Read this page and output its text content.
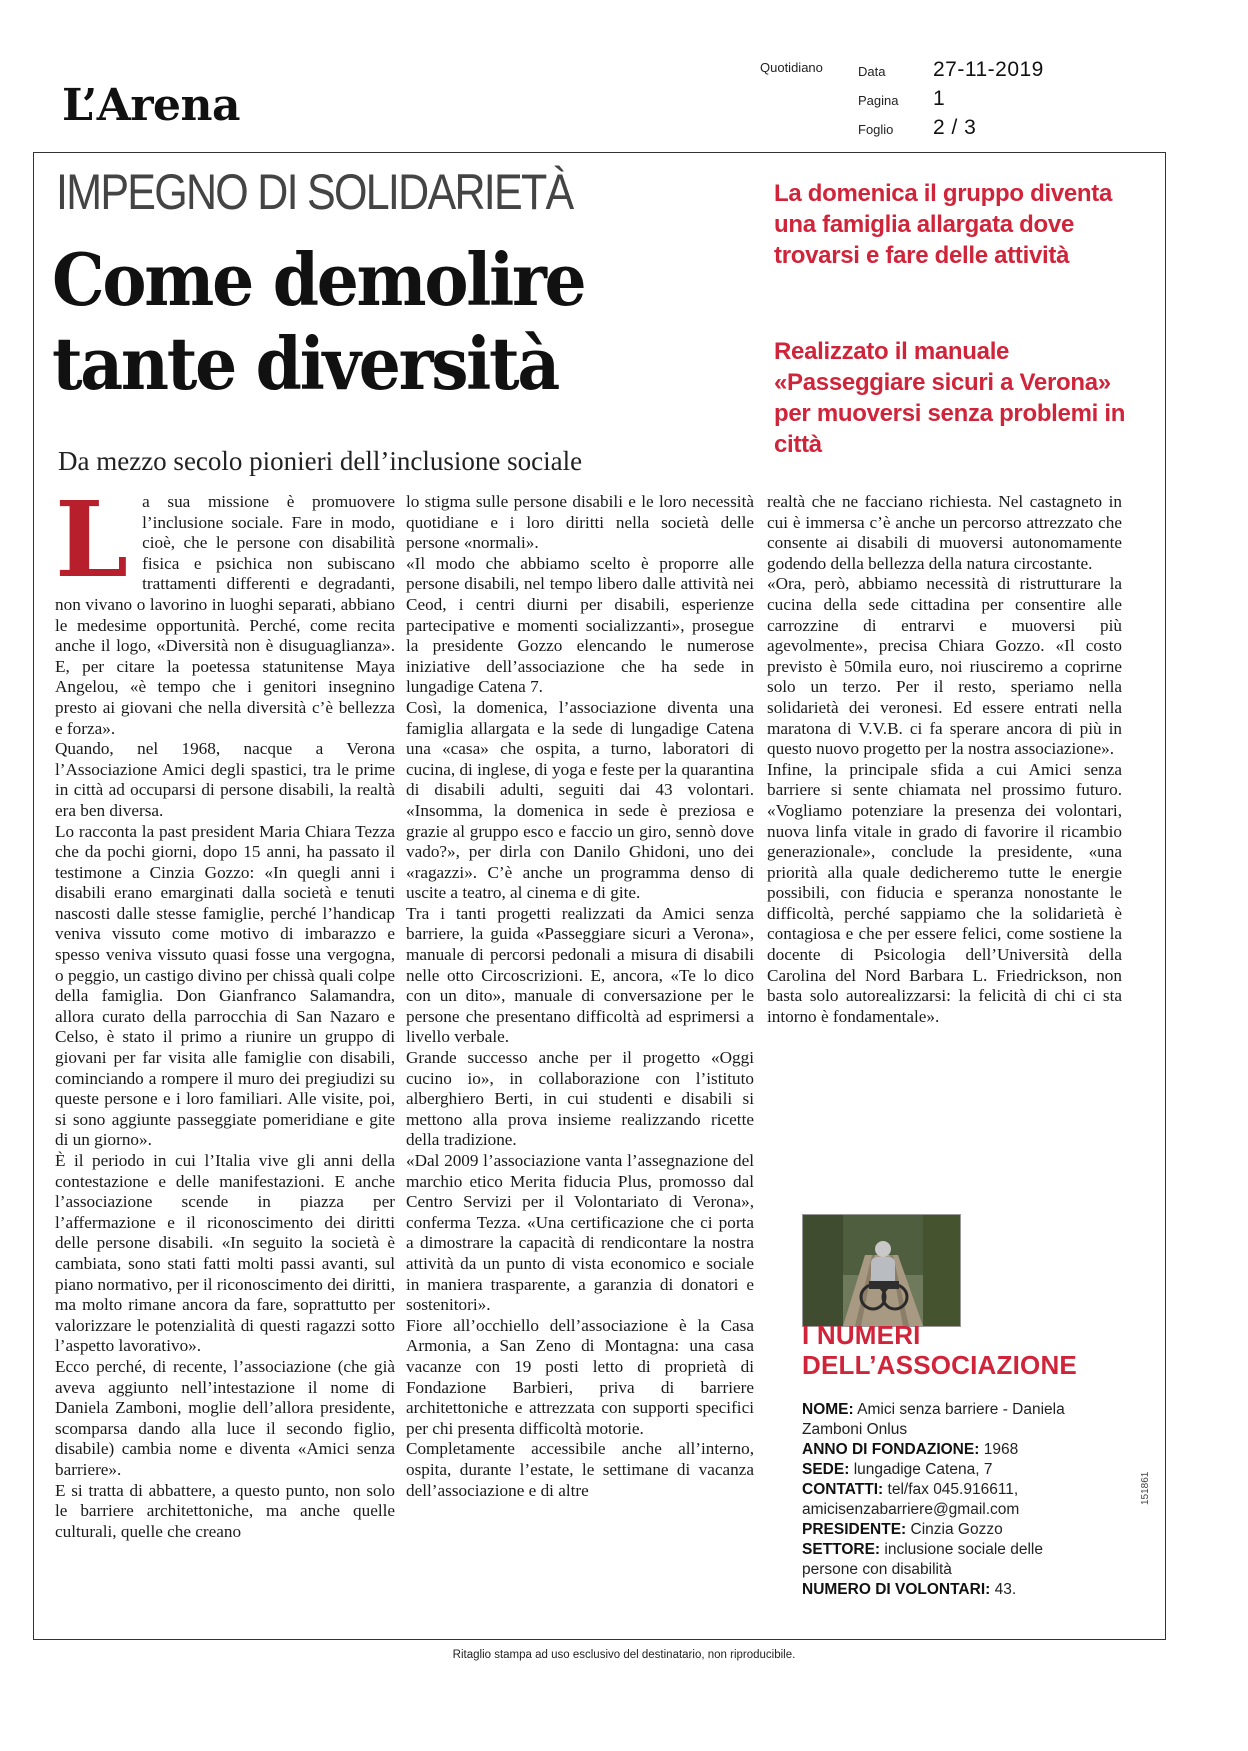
L’Arena
Quotidiano	Data	27-11-2019
Pagina	1
Foglio	2 / 3
IMPEGNO DI SOLIDARIETÀ
Come demolire tante diversità
Da mezzo secolo pionieri dell’inclusione sociale
La domenica il gruppo diventa una famiglia allargata dove trovarsi e fare delle attività
Realizzato il manuale «Passeggiare sicuri a Verona» per muoversi senza problemi in città
L a sua missione è promuovere l’inclusione sociale. Fare in modo, cioè, che le persone con disabilità fisica e psichica non subiscano trattamenti differenti e degradanti, non vivano o lavorino in luoghi separati, abbiano le medesime opportunità. Perché, come recita anche il logo, «Diversità non è disuguaglianza». E, per citare la poetessa statunitense Maya Angelou, «è tempo che i genitori insegnino presto ai giovani che nella diversità c’è bellezza e forza».

Quando, nel 1968, nacque a Verona l’Associazione Amici degli spastici, tra le prime in città ad occuparsi di persone disabili, la realtà era ben diversa.

Lo racconta la past president Maria Chiara Tezza che da pochi giorni, dopo 15 anni, ha passato il testimone a Cinzia Gozzo: «In quegli anni i disabili erano emarginati dalla società e tenuti nascosti dalle stesse famiglie, perché l’handicap veniva vissuto come motivo di imbarazzo e spesso veniva vissuto quasi fosse una vergogna, o peggio, un castigo divino per chissà quali colpe della famiglia. Don Gianfranco Salamandra, allora curato della parrocchia di San Nazaro e Celso, è stato il primo a riunire un gruppo di giovani per far visita alle famiglie con disabili, cominciando a rompere il muro dei pregiudizi su queste persone e i loro familiari. Alle visite, poi, si sono aggiunte passeggiate pomeridiane e gite di un giorno».

È il periodo in cui l’Italia vive gli anni della contestazione e delle manifestazioni. E anche l’associazione scende in piazza per l’affermazione e il riconoscimento dei diritti delle persone disabili. «In seguito la società è cambiata, sono stati fatti molti passi avanti, sul piano normativo, per il riconoscimento dei diritti, ma molto rimane ancora da fare, soprattutto per valorizzare le potenzialità di questi ragazzi sotto l’aspetto lavorativo».

Ecco perché, di recente, l’associazione (che già aveva aggiunto nell’intestazione il nome di Daniela Zamboni, moglie dell’allora presidente, scomparsa dando alla luce il secondo figlio, disabile) cambia nome e diventa «Amici senza barriere».

E si tratta di abbattere, a questo punto, non solo le barriere architettoniche, ma anche quelle culturali, quelle che creano

lo stigma sulle persone disabili e le loro necessità quotidiane e i loro diritti nella società delle persone «normali».

«Il modo che abbiamo scelto è proporre alle persone disabili, nel tempo libero dalle attività nei Ceod, i centri diurni per disabili, esperienze partecipative e momenti socializzanti», prosegue la presidente Gozzo elencando le numerose iniziative dell’associazione che ha sede in lungadige Catena 7.

Così, la domenica, l’associazione diventa una famiglia allargata e la sede di lungadige Catena una «casa» che ospita, a turno, laboratori di cucina, di inglese, di yoga e feste per la quarantina di disabili adulti, seguiti dai 43 volontari. «Insomma, la domenica in sede è preziosa e grazie al gruppo esco e faccio un giro, sennò dove vado?», per dirla con Danilo Ghidoni, uno dei «ragazzi». C’è anche un programma denso di uscite a teatro, al cinema e di gite.

Tra i tanti progetti realizzati da Amici senza barriere, la guida «Passeggiare sicuri a Verona», manuale di percorsi pedonali a misura di disabili nelle otto Circoscrizioni. E, ancora, «Te lo dico con un dito», manuale di conversazione per le persone che presentano difficoltà ad esprimersi a livello verbale.

Grande successo anche per il progetto «Oggi cucino io», in collaborazione con l’istituto alberghiero Berti, in cui studenti e disabili si mettono alla prova insieme realizzando ricette della tradizione.

«Dal 2009 l’associazione vanta l’assegnazione del marchio etico Merita fiducia Plus, promosso dal Centro Servizi per il Volontariato di Verona», conferma Tezza. «Una certificazione che ci porta a dimostrare la capacità di rendicontare la nostra attività da un punto di vista economico e sociale in maniera trasparente, a garanzia di donatori e sostenitori».

Fiore all’occhiello dell’associazione è la Casa Armonia, a San Zeno di Montagna: una casa vacanze con 19 posti letto di proprietà di Fondazione Barbieri, priva di barriere architettoniche e attrezzata con supporti specifici per chi presenta difficoltà motorie.

Completamente accessibile anche all’interno, ospita, durante l’estate, le settimane di vacanza dell’associazione e di altre

realtà che ne facciano richiesta. Nel castagneto in cui è immersa c’è anche un percorso attrezzato che consente ai disabili di muoversi autonomamente godendo della bellezza della natura circostante.

«Ora, però, abbiamo necessità di ristrutturare la cucina della sede cittadina per consentire alle carrozzine di entrarvi e muoversi più agevolmente», precisa Chiara Gozzo. «Il costo previsto è 50mila euro, noi riusciremo a coprirne solo un terzo. Per il resto, speriamo nella solidarietà dei veronesi. Ed essere entrati nella maratona di V.V.B. ci fa sperare ancora di più in questo nuovo progetto per la nostra associazione».

Infine, la principale sfida a cui Amici senza barriere si sente chiamata nel prossimo futuro. «Vogliamo potenziare la presenza dei volontari, nuova linfa vitale in grado di favorire il ricambio generazionale», conclude la presidente, «una priorità alla quale dedicheremo tutte le energie possibili, con fiducia e speranza nonostante le difficoltà, perché sappiamo che la solidarietà è contagiosa e che per essere felici, come sostiene la docente di Psicologia dell’Università della Carolina del Nord Barbara L. Friedrickson, non basta solo autorealizzarsi: la felicità di chi ci sta intorno è fondamentale».

I NUMERI
DELL’ASSOCIAZIONE

NOME: Amici senza barriere - Daniela Zamboni Onlus

ANNO DI FONDAZIONE: 1968

SEDE: lungadige Catena, 7

CONTATTI: tel/fax 045.916611, amicisenzabarriere@gmail.com

PRESIDENTE: Cinzia Gozzo

SETTORE: inclusione sociale delle persone con disabilità

NUMERO DI VOLONTARI: 43.

151861
Ritaglio stampa ad uso esclusivo del destinatario, non riproducibile.
